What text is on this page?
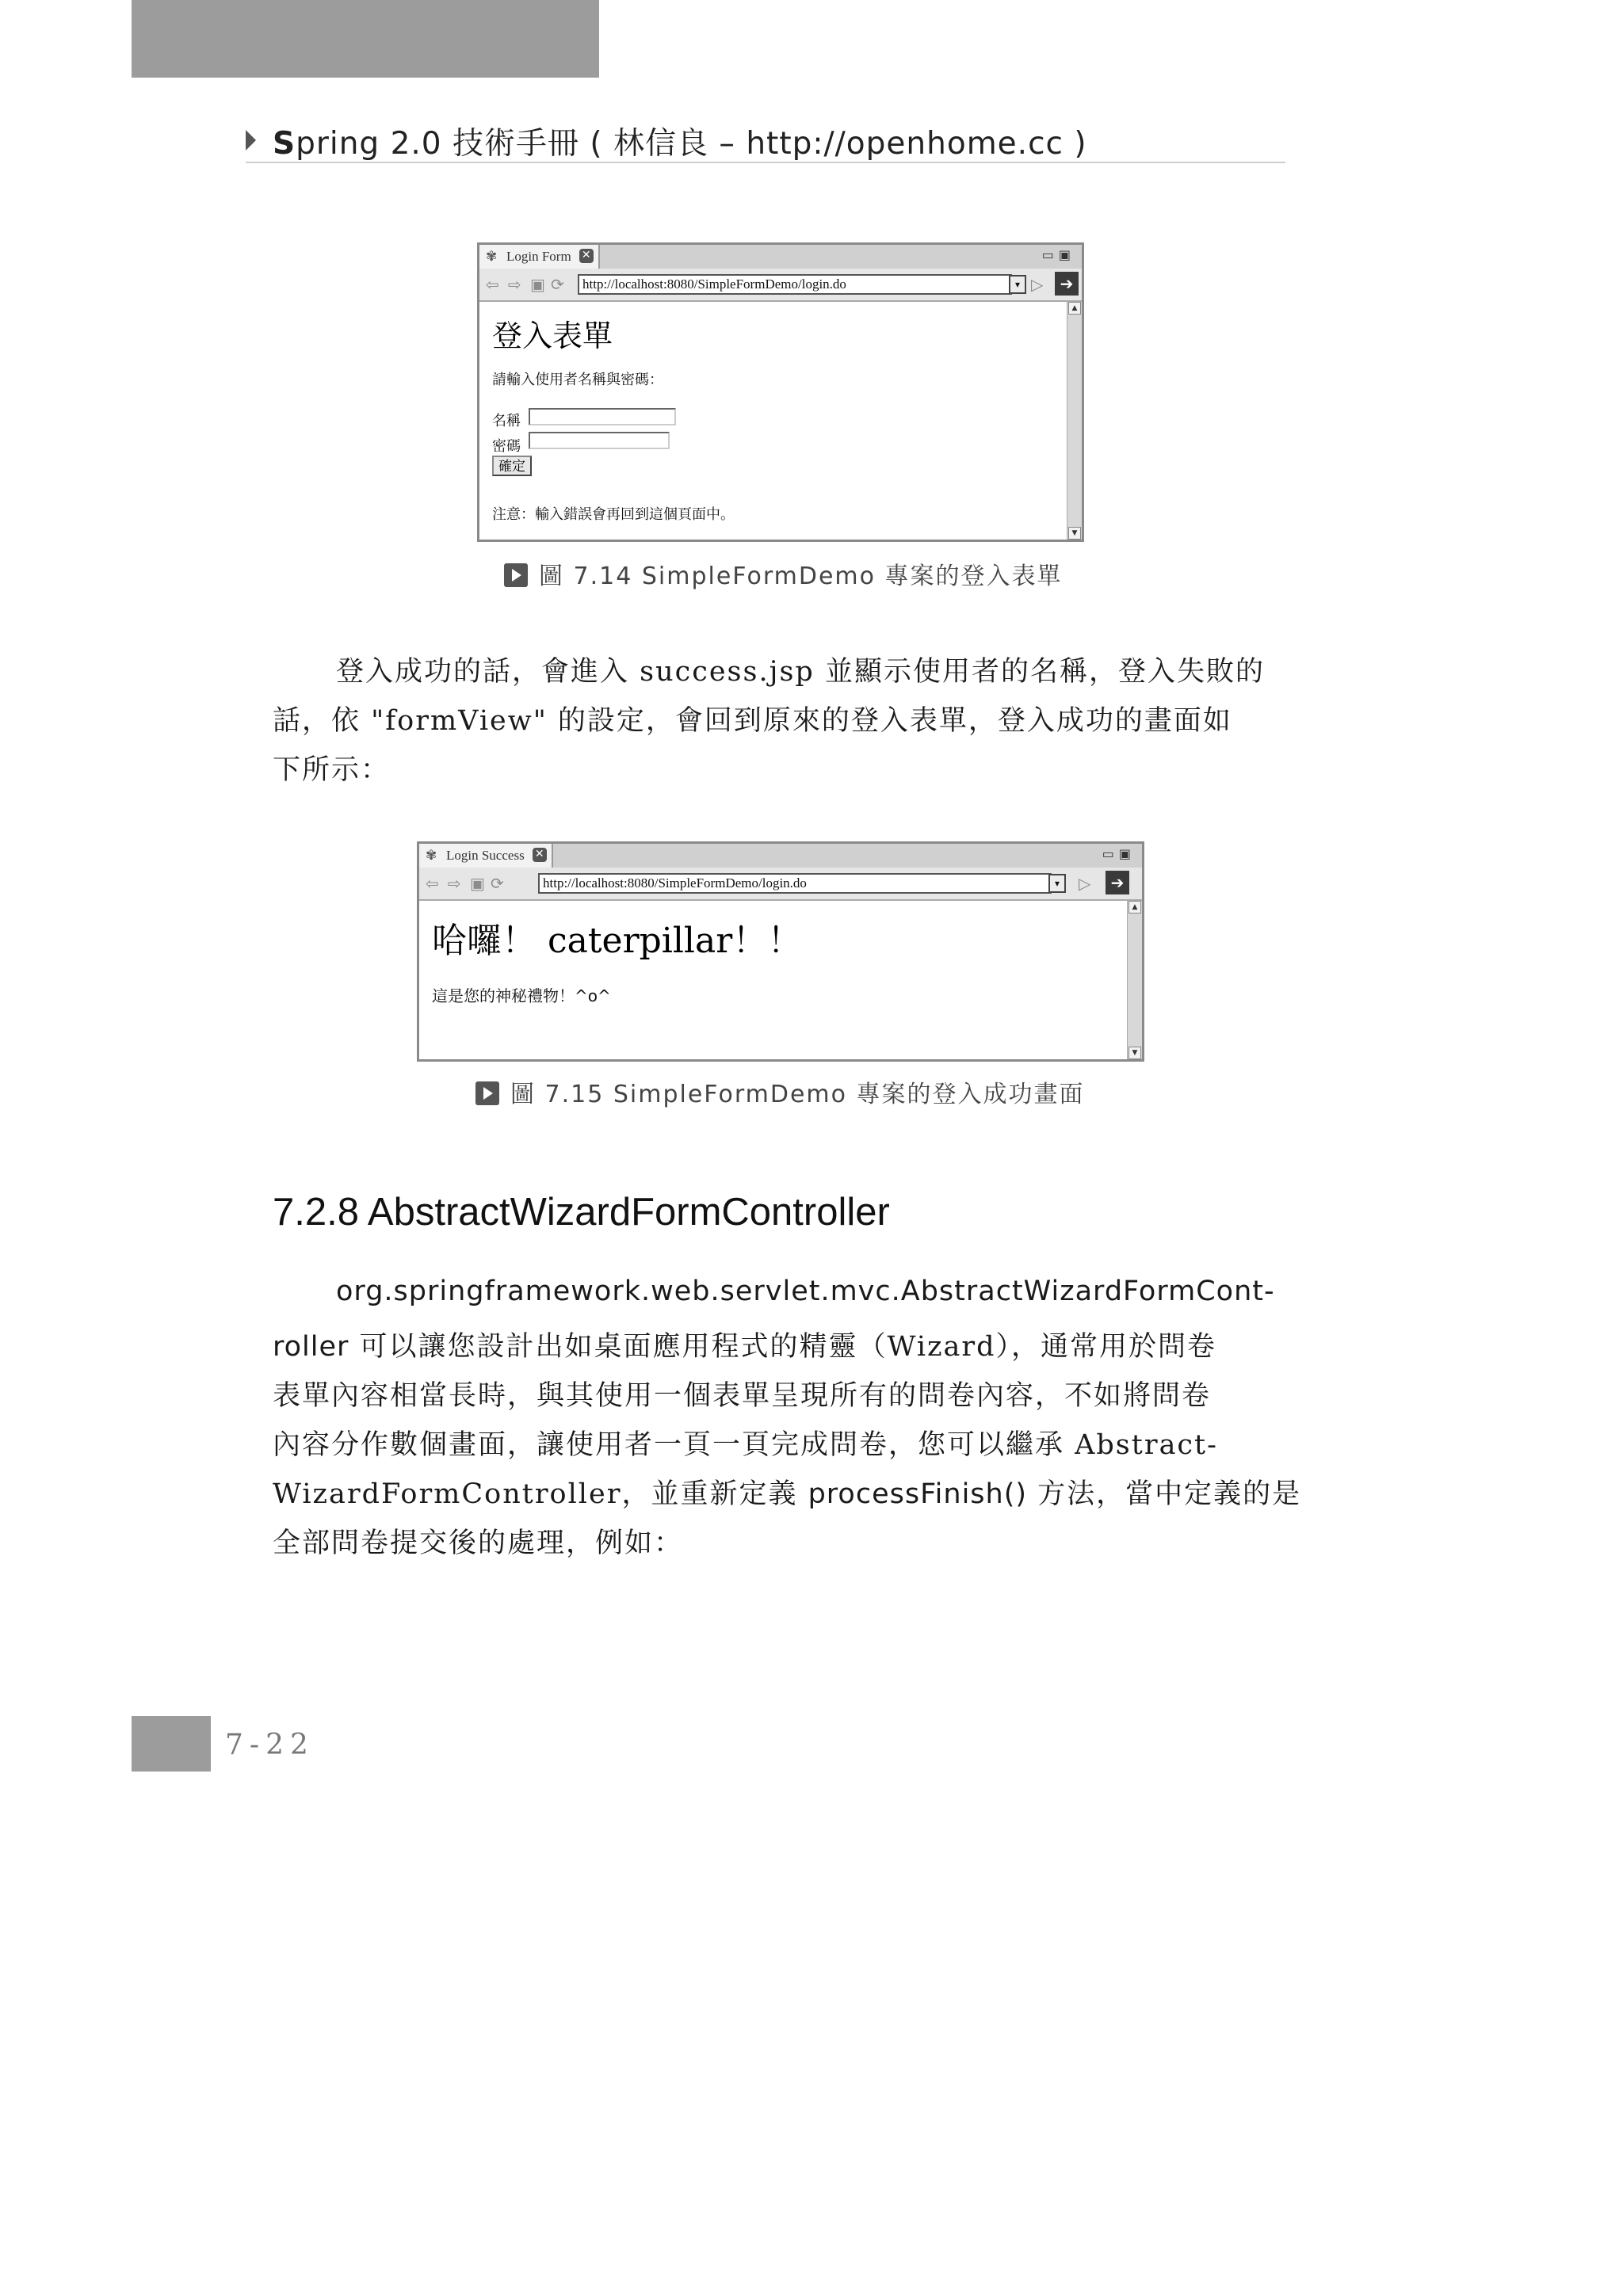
Spring 2.0 技術手冊 ( 林信良 – http://openhome.cc )
✾ Login Form ✕	▭▣
⇦ ⇨ ▣ ⟳	http://localhost:8080/SimpleFormDemo/login.do	▾ ▷	➔
登入表單
請輸入使用者名稱與密碼：
名稱
密碼
確定
注意：輸入錯誤會再回到這個頁面中。
▲
▼
圖 7.14 SimpleFormDemo 專案的登入表單
登入成功的話，會進入 success.jsp 並顯示使用者的名稱，登入失敗的
話，依 "formView" 的設定，會回到原來的登入表單，登入成功的畫面如
下所示：
✾ Login Success ✕	▭▣
⇦ ⇨ ▣ ⟳	http://localhost:8080/SimpleFormDemo/login.do	▾	▷	➔
哈囉！ caterpillar！！
這是您的神秘禮物！^o^
▲
▼
圖 7.15 SimpleFormDemo 專案的登入成功畫面
7.2.8 AbstractWizardFormController
org.springframework.web.servlet.mvc.AbstractWizardFormCont-
roller 可以讓您設計出如桌面應用程式的精靈（Wizard），通常用於問卷
表單內容相當長時，與其使用一個表單呈現所有的問卷內容，不如將問卷
內容分作數個畫面，讓使用者一頁一頁完成問卷，您可以繼承 Abstract-
WizardFormController，並重新定義 processFinish() 方法，當中定義的是
全部問卷提交後的處理，例如：
7-22
